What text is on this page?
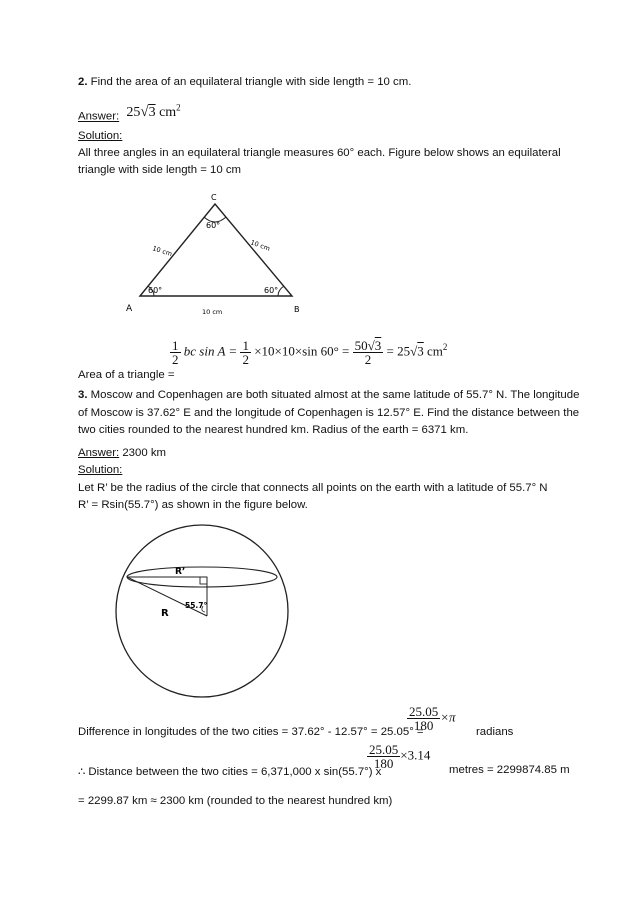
2. Find the area of an equilateral triangle with side length = 10 cm.
Answer: 25√3 $cm^2$
Solution:
All three angles in an equilateral triangle measures 60° each. Figure below shows an equilateral
triangle with side length = 10 cm
C
A	B
60°
60°	60°
10 cm	10 cm
10 cm
Area of a triangle =
$\frac{1}{2}$ bc $\sin A = \frac{1}{2} \times 10\times 10\times\sin$ $60^\circ = \frac{50√3}{2} = 25√3$ $cm^2$
3. Moscow and Copenhagen are both situated almost at the same latitude of 55.7° N. The longitude
of Moscow is 37.62° E and the longitude of Copenhagen is 12.57° E. Find the distance between the
two cities rounded to the nearest hundred km. Radius of the earth = 6371 km.
Answer: 2300 km
Solution:
Let R’ be the radius of the circle that connects all points on the earth with a latitude of 55.7° N
R’ = Rsin(55.7°) as shown in the figure below.
R’
R
55.7°
Difference in longitudes of the two cities = 37.62° - 12.57° = 25.05° =
$\frac{25.05}{180} \times\pi$
radians
∴ Distance between the two cities = 6,371,000 x sin(55.7°) x
$\frac{25.05}{180} \times 3.14$
metres = 2299874.85 m
= 2299.87 km ≈ 2300 km (rounded to the nearest hundred km)
